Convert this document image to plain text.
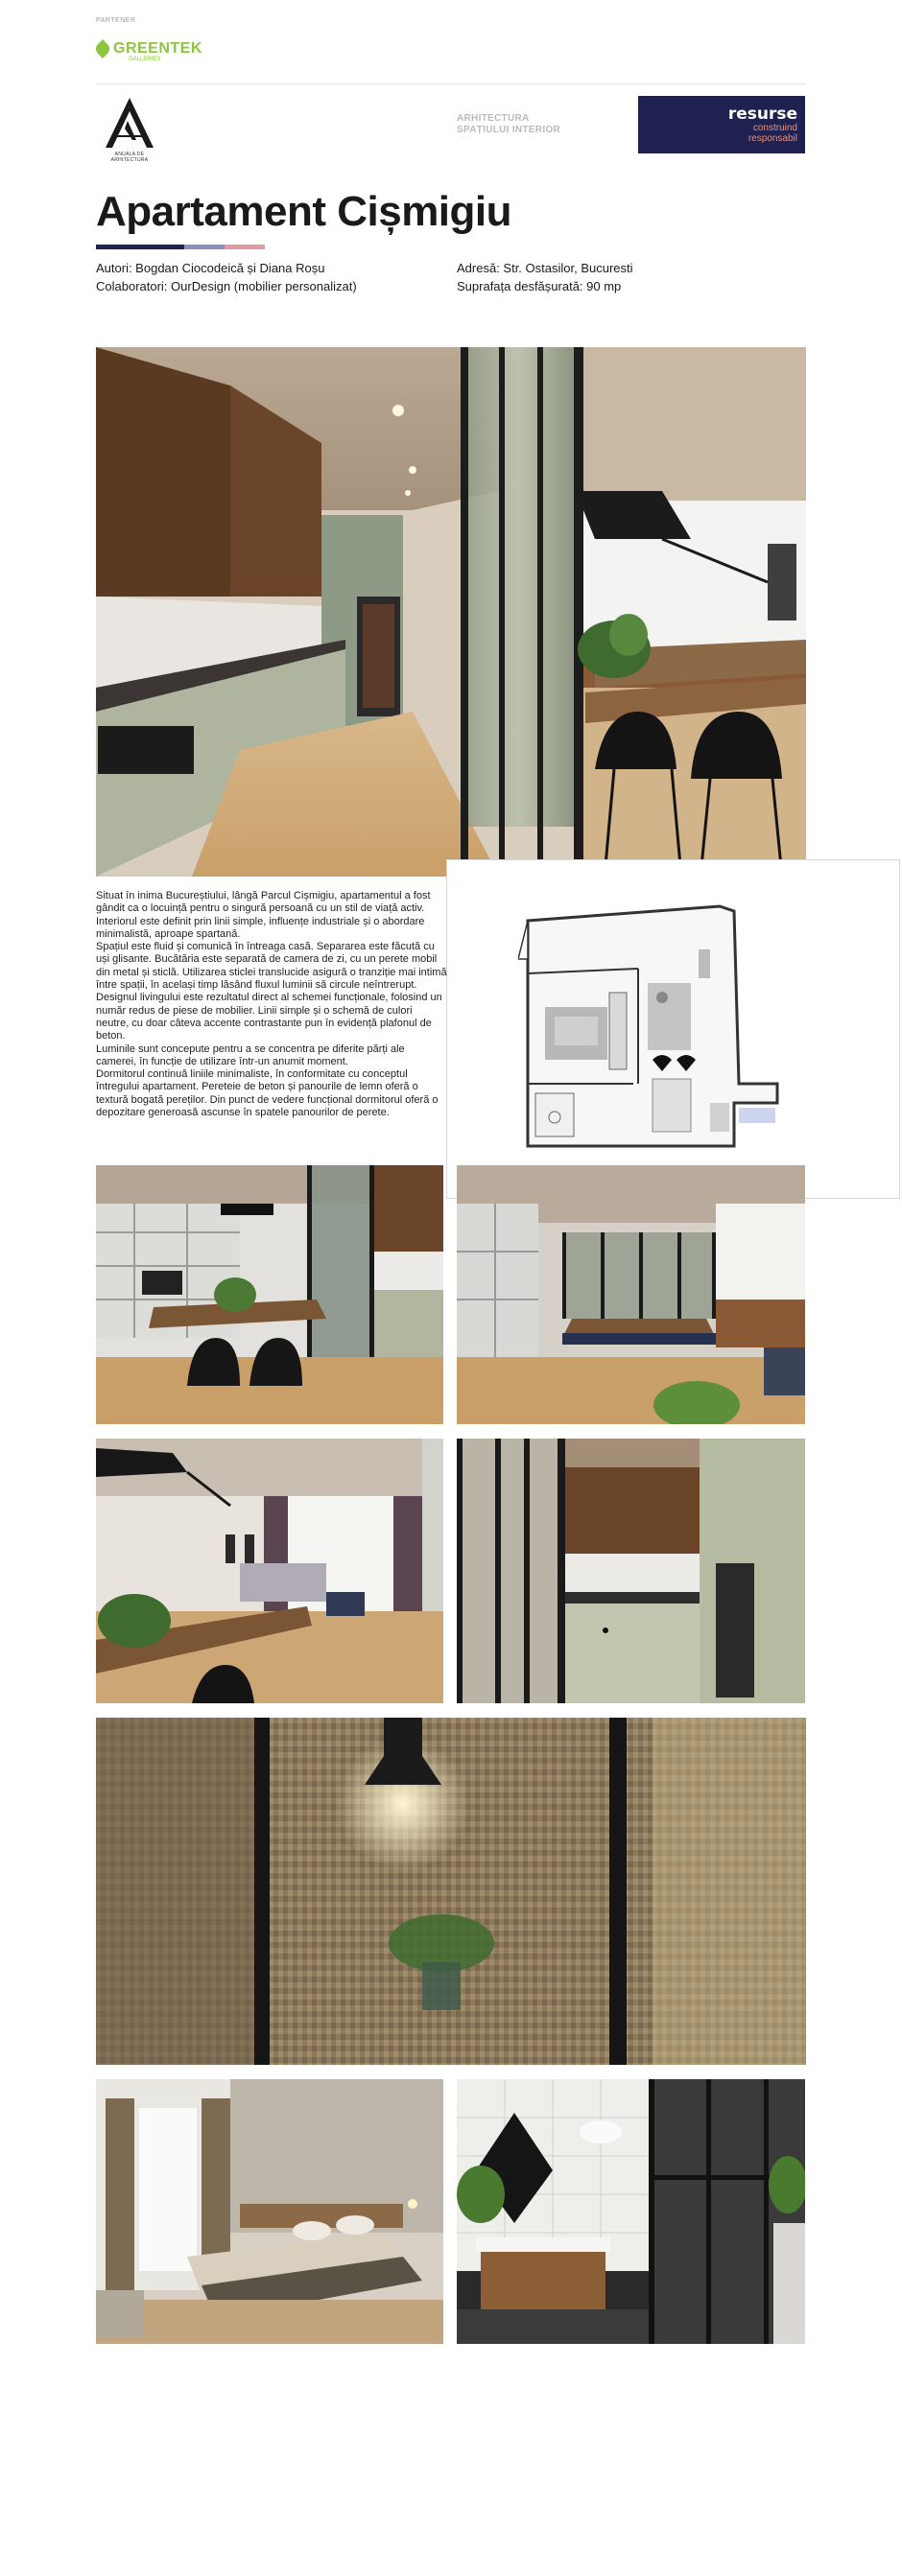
PARTENER
GREENTEK
GALLERIES
ANUALA DE ARHITECTURA
ARHITECTURA SPAȚIULUI INTERIOR
resurse
construind
responsabil
Apartament Cișmigiu
Autori: Bogdan Ciocodeică și Diana Roșu
Colaboratori: OurDesign (mobilier personalizat)
Adresă: Str. Ostasilor, Bucuresti
Suprafața desfășurată: 90 mp

Situat în inima Bucureștiului, lângă Parcul Cișmigiu, apartamentul a fost gândit ca o locuință pentru o singură persoană cu un stil de viață activ. Interiorul este definit prin linii simple, influențe industriale și o abordare minimalistă, aproape spartană.

Spațiul este fluid și comunică în întreaga casă. Separarea este făcută cu uși glisante. Bucătăria este separată de camera de zi, cu un perete mobil din metal și sticlă. Utilizarea sticlei translucide asigură o tranziție mai intimă între spații, în același timp lăsând fluxul luminii să circule neîntrerupt.

Designul livingului este rezultatul direct al schemei funcționale, folosind un număr redus de piese de mobilier. Linii simple și o schemă de culori neutre, cu doar câteva accente contrastante pun în evidență plafonul de beton.

Luminile sunt concepute pentru a se concentra pe diferite părți ale camerei, în funcție de utilizare într-un anumit moment.

Dormitorul continuă liniile minimaliste, în conformitate cu conceptul întregului apartament. Pereteie de beton și panourile de lemn oferă o textură bogată pereților. Din punct de vedere funcțional dormitorul oferă o depozitare generoasă ascunse în spatele panourilor de perete.
